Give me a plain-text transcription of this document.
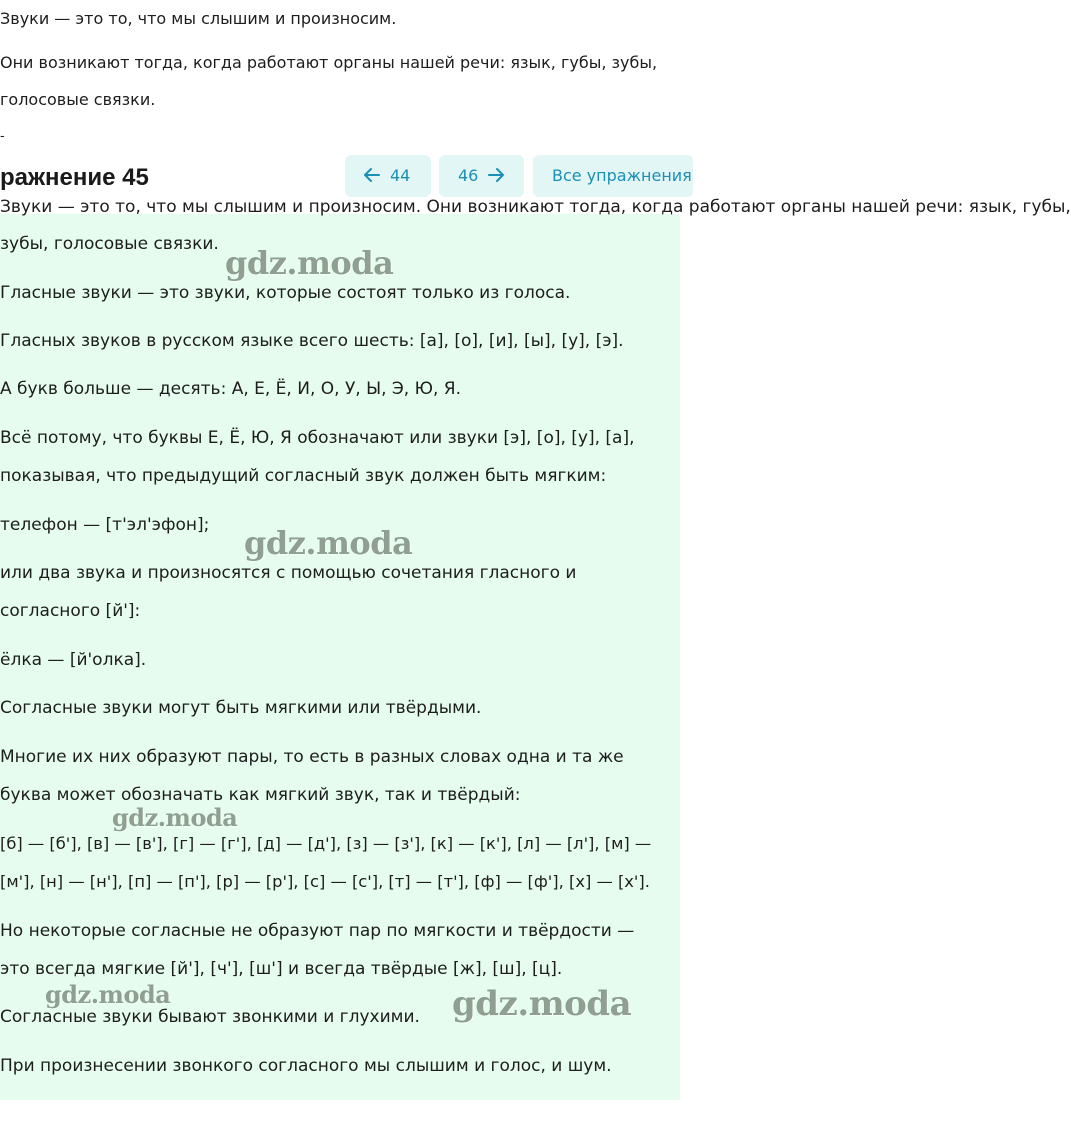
Звуки — это то, что мы слышим и произносим.

Они возникают тогда, когда работают органы нашей речи: язык, губы, зубы,

голосовые связки.

-

ражнение 45	44	46	Все упражнения
Звуки — это то, что мы слышим и произносим. Они возникают тогда, когда работают органы нашей речи: язык, губы,

зубы, голосовые связки.

Гласные звуки — это звуки, которые состоят только из голоса.

Гласных звуков в русском языке всего шесть: [а], [о], [и], [ы], [у], [э].

А букв больше — десять: А, Е, Ё, И, О, У, Ы, Э, Ю, Я.

Всё потому, что буквы Е, Ё, Ю, Я обозначают или звуки [э], [о], [у], [а],

показывая, что предыдущий согласный звук должен быть мягким:

телефон — [т'эл'эфон];

или два звука и произносятся с помощью сочетания гласного и

согласного [й']:

ёлка — [й'олка].

Согласные звуки могут быть мягкими или твёрдыми.

Многие их них образуют пары, то есть в разных словах одна и та же

буква может обозначать как мягкий звук, так и твёрдый:

[б] — [б'], [в] — [в'], [г] — [г'], [д] — [д'], [з] — [з'], [к] — [к'], [л] — [л'], [м] —

[м'], [н] — [н'], [п] — [п'], [р] — [р'], [с] — [с'], [т] — [т'], [ф] — [ф'], [х] — [х'].

Но некоторые согласные не образуют пар по мягкости и твёрдости —

это всегда мягкие [й'], [ч'], [ш'] и всегда твёрдые [ж], [ш], [ц].

Согласные звуки бывают звонкими и глухими.

При произнесении звонкого согласного мы слышим и голос, и шум.

gdz.moda
gdz.moda
gdz.moda
gdz.moda	gdz.moda
